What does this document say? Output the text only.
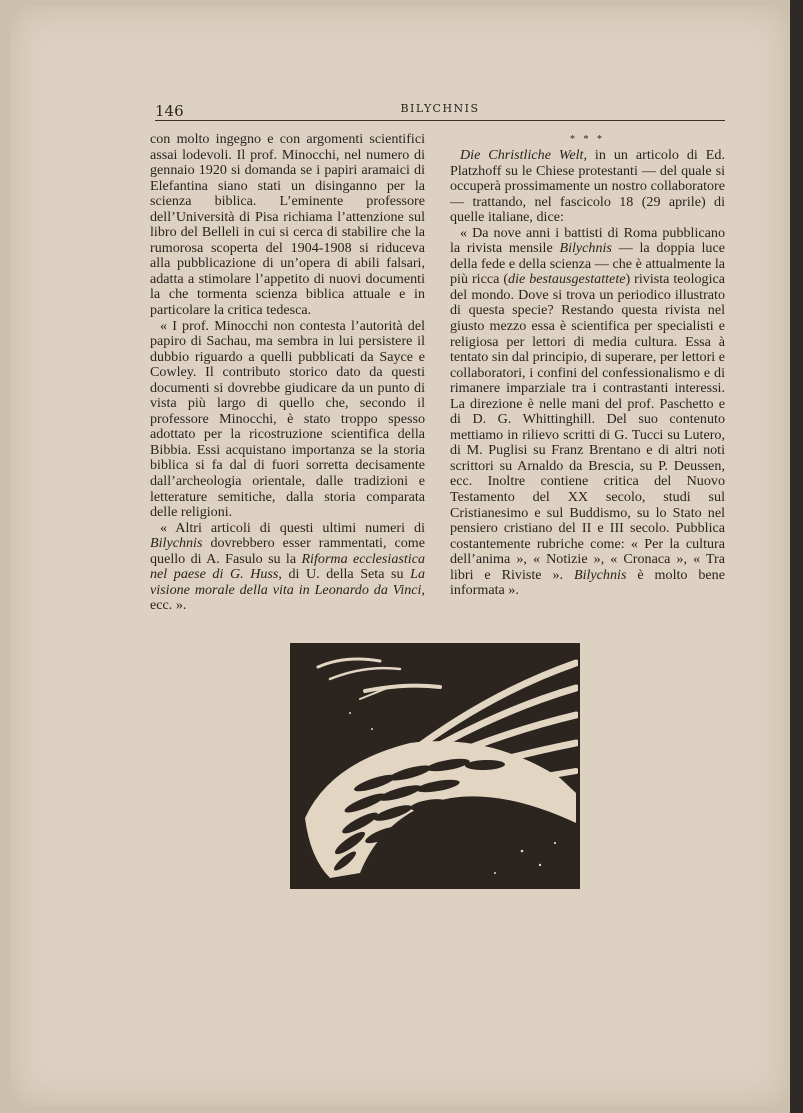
146	BILYCHNIS

con molto ingegno e con argomenti scientifici assai lodevoli. Il prof. Minocchi, nel numero di gennaio 1920 si domanda se i papiri aramaici di Elefantina siano stati un disinganno per la scienza biblica. L’eminente professore dell’Università di Pisa richiama l’attenzione sul libro del Belleli in cui si cerca di stabilire che la rumorosa scoperta del 1904-1908 si riduceva alla pubblicazione di un’opera di abili falsari, adatta a stimolare l’appetito di nuovi documenti la che tormenta scienza biblica attuale e in particolare la critica tedesca.

« I prof. Minocchi non contesta l’autorità del papiro di Sachau, ma sembra in lui persistere il dubbio riguardo a quelli pubblicati da Sayce e Cowley. Il contributo storico dato da questi documenti si dovrebbe giudicare da un punto di vista più largo di quello che, secondo il professore Minocchi, è stato troppo spesso adottato per la ricostruzione scientifica della Bibbia. Essi acquistano importanza se la storia biblica si fa dal di fuori sorretta decisamente dall’archeologia orientale, dalle tradizioni e letterature semitiche, dalla storia comparata delle religioni.

« Altri articoli di questi ultimi numeri di Bilychnis dovrebbero esser rammentati, come quello di A. Fasulo su la Riforma ecclesiastica nel paese di G. Huss, di U. della Seta su La visione morale della vita in Leonardo da Vinci, ecc. ».

* * *

Die Christliche Welt, in un articolo di Ed. Platzhoff su le Chiese protestanti — del quale si occuperà prossimamente un nostro collaboratore — trattando, nel fascicolo 18 (29 aprile) di quelle italiane, dice:

« Da nove anni i battisti di Roma pubblicano la rivista mensile Bilychnis — la doppia luce della fede e della scienza — che è attualmente la più ricca (die bestausgestattete) rivista teologica del mondo. Dove si trova un periodico illustrato di questa specie? Restando questa rivista nel giusto mezzo essa è scientifica per specialisti e religiosa per lettori di media cultura. Essa à tentato sin dal principio, di superare, per lettori e collaboratori, i confini del confessionalismo e di rimanere imparziale tra i contrastanti interessi. La direzione è nelle mani del prof. Paschetto e di D. G. Whittinghill. Del suo contenuto mettiamo in rilievo scritti di G. Tucci su Lutero, di M. Puglisi su Franz Brentano e di altri noti scrittori su Arnaldo da Brescia, su P. Deussen, ecc. Inoltre contiene critica del Nuovo Testamento del XX secolo, studi sul Cristianesimo e sul Buddismo, su lo Stato nel pensiero cristiano del II e III secolo. Pubblica costantemente rubriche come: « Per la cultura dell’anima », « Notizie », « Cronaca », « Tra libri e Riviste ». Bilychnis è molto bene informata ».
